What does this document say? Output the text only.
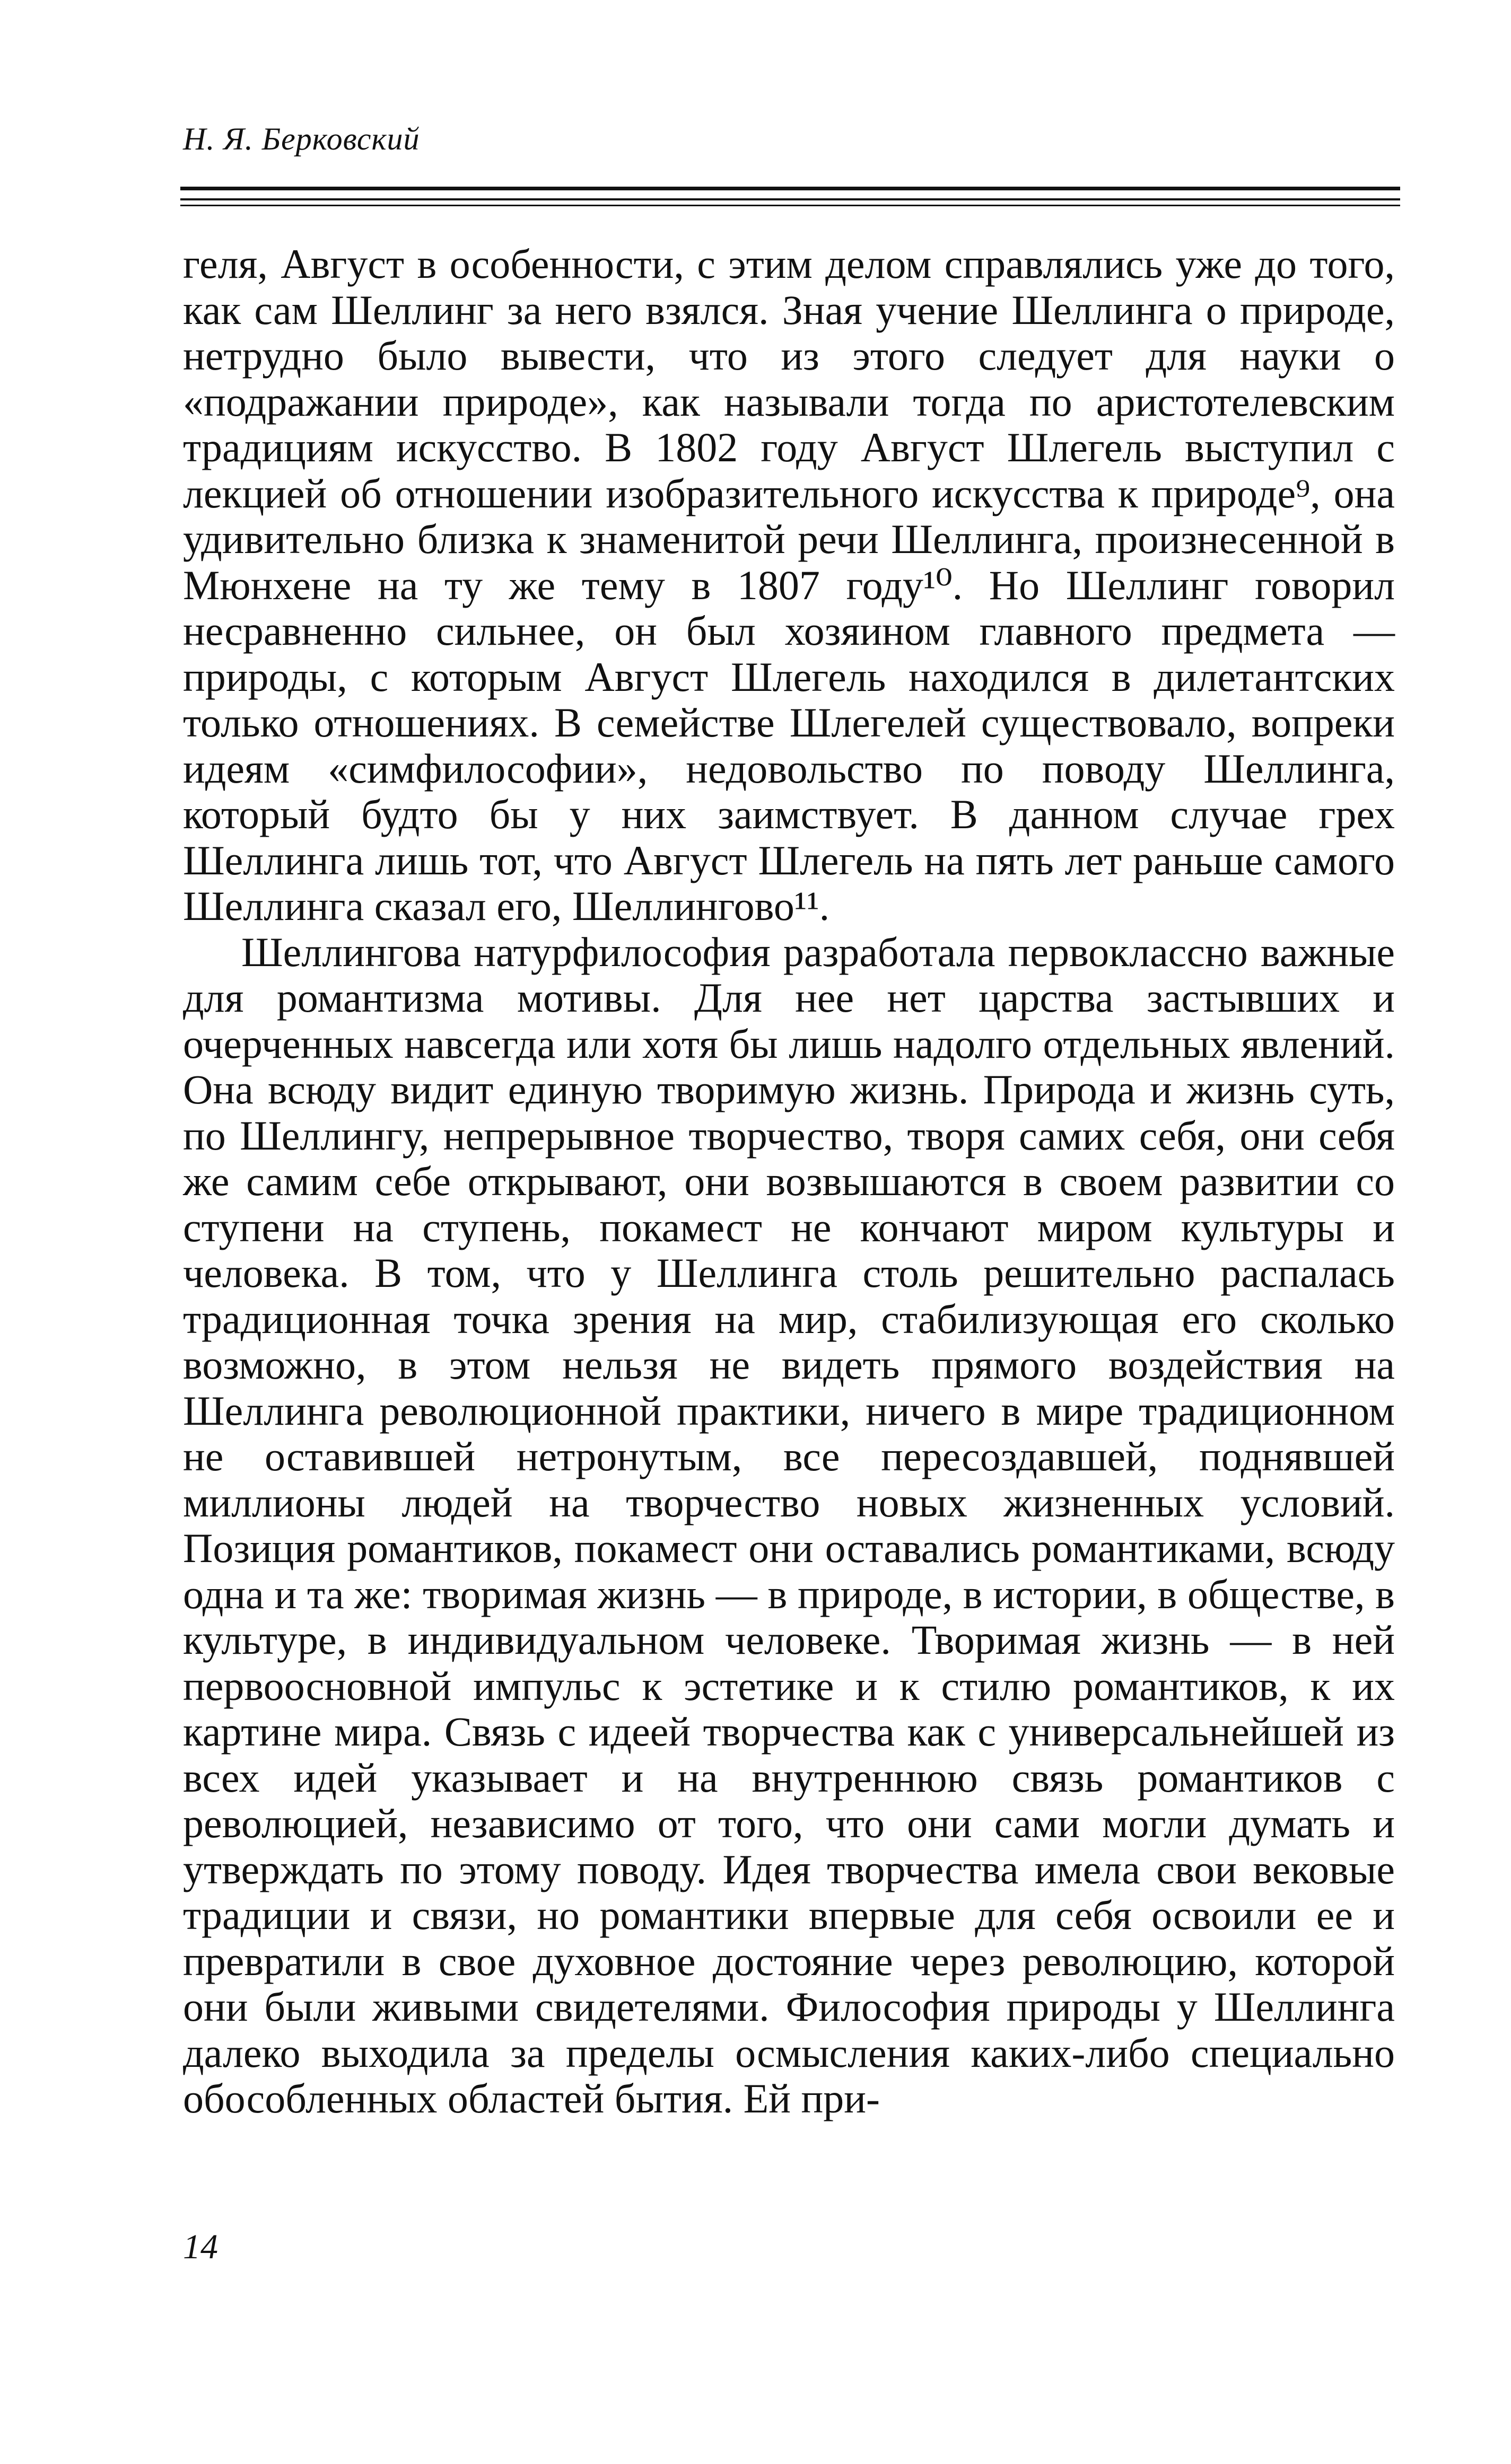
Н. Я. Берковский

геля, Август в особенности, с этим делом справлялись уже до того, как сам Шеллинг за него взялся. Зная учение Шеллинга о природе, нетрудно было вывести, что из этого следует для науки о «подражании природе», как называли тогда по аристотелевским традициям искусство. В 1802 году Август Шлегель выступил с лекцией об отношении изобразительного искусства к природе⁹, она удивительно близка к знаменитой речи Шеллинга, произнесенной в Мюнхене на ту же тему в 1807 году¹⁰. Но Шеллинг говорил несравненно сильнее, он был хозяином главного предмета — природы, с которым Август Шлегель находился в дилетантских только отношениях. В семействе Шлегелей существовало, вопреки идеям «симфилософии», недовольство по поводу Шеллинга, который будто бы у них заимствует. В данном случае грех Шеллинга лишь тот, что Август Шлегель на пять лет раньше самого Шеллинга сказал его, Шеллингово¹¹.

Шеллингова натурфилософия разработала первоклассно важные для романтизма мотивы. Для нее нет царства застывших и очерченных навсегда или хотя бы лишь надолго отдельных явлений. Она всюду видит единую творимую жизнь. Природа и жизнь суть, по Шеллингу, непрерывное творчество, творя самих себя, они себя же самим себе открывают, они возвышаются в своем развитии со ступени на ступень, покамест не кончают миром культуры и человека. В том, что у Шеллинга столь решительно распалась традиционная точка зрения на мир, стабилизующая его сколько возможно, в этом нельзя не видеть прямого воздействия на Шеллинга революционной практики, ничего в мире традиционном не оставившей нетронутым, все пересоздавшей, поднявшей миллионы людей на творчество новых жизненных условий. Позиция романтиков, покамест они оставались романтиками, всюду одна и та же: творимая жизнь — в природе, в истории, в обществе, в культуре, в индивидуальном человеке. Творимая жизнь — в ней первоосновной импульс к эстетике и к стилю романтиков, к их картине мира. Связь с идеей творчества как с универсальнейшей из всех идей указывает и на внутреннюю связь романтиков с революцией, независимо от того, что они сами могли думать и утверждать по этому поводу. Идея творчества имела свои вековые традиции и связи, но романтики впервые для себя освоили ее и превратили в свое духовное достояние через революцию, которой они были живыми свидетелями. Философия природы у Шеллинга далеко выходила за пределы осмысления каких-либо специально обособленных областей бытия. Ей при-

14
